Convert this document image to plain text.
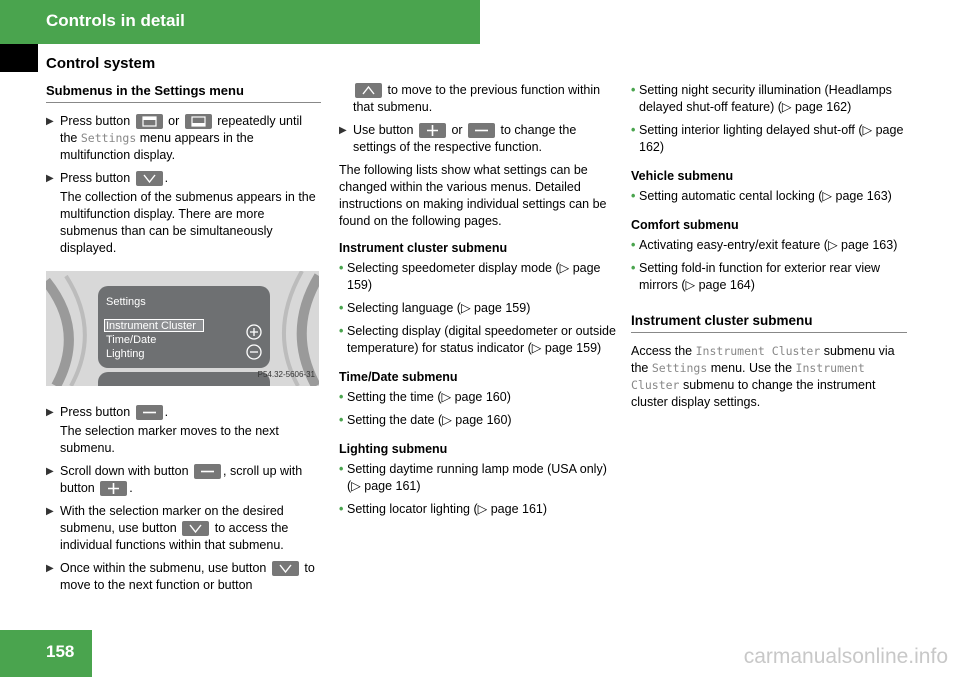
Controls in detail
Control system
Submenus in the Settings menu

▶ Press button	or	repeatedly until the Settings menu appears in the multifunction display.

▶ Press button	.

The collection of the submenus appears in the multifunction display. There are more submenus than can be simultaneously displayed.

Settings
Instrument Cluster
Time/Date
Lighting
P54.32-5606-31

▶ Press button	.

The selection marker moves to the next submenu.

▶ Scroll down with button	, scroll up with button	.

▶ With the selection marker on the desired submenu, use button	to access the individual functions within that submenu.

▶ Once within the submenu, use button	to move to the next function or button

to move to the previous function within that submenu.

▶ Use button	or	to change the settings of the respective function.

The following lists show what settings can be changed within the various menus. Detailed instructions on making individual settings can be found on the following pages.

Instrument cluster submenu
• Selecting speedometer display mode (▷ page 159)
• Selecting language (▷ page 159)
• Selecting display (digital speedometer or outside temperature) for status indicator (▷ page 159)
Time/Date submenu
• Setting the time (▷ page 160)
• Setting the date (▷ page 160)
Lighting submenu
• Setting daytime running lamp mode (USA only) (▷ page 161)
• Setting locator lighting (▷ page 161)
• Setting night security illumination (Headlamps delayed shut-off feature) (▷ page 162)
• Setting interior lighting delayed shut-off (▷ page 162)
Vehicle submenu
• Setting automatic cental locking (▷ page 163)
Comfort submenu
• Activating easy-entry/exit feature (▷ page 163)
• Setting fold-in function for exterior rear view mirrors (▷ page 164)
Instrument cluster submenu

Access the Instrument Cluster submenu via the Settings menu. Use the Instrument Cluster submenu to change the instrument cluster display settings.

158	carmanualsonline.info
